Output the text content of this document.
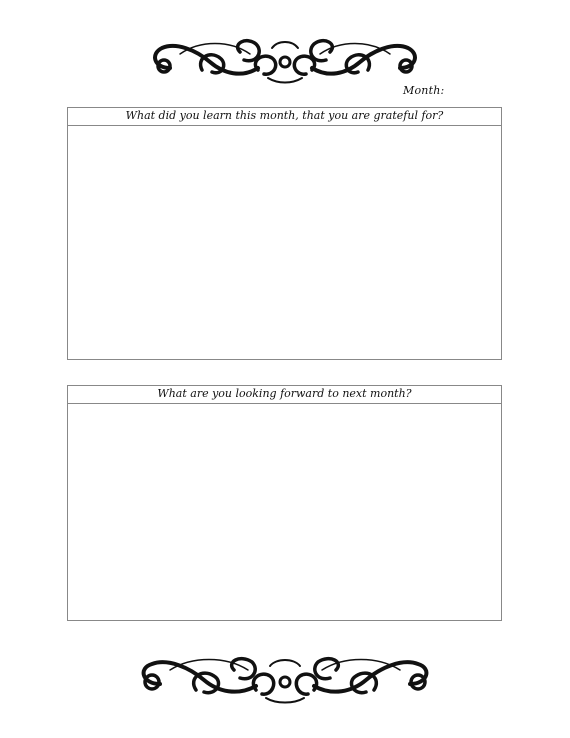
Month:
What did you learn this month, that you are grateful for?
What are you looking forward to next month?
